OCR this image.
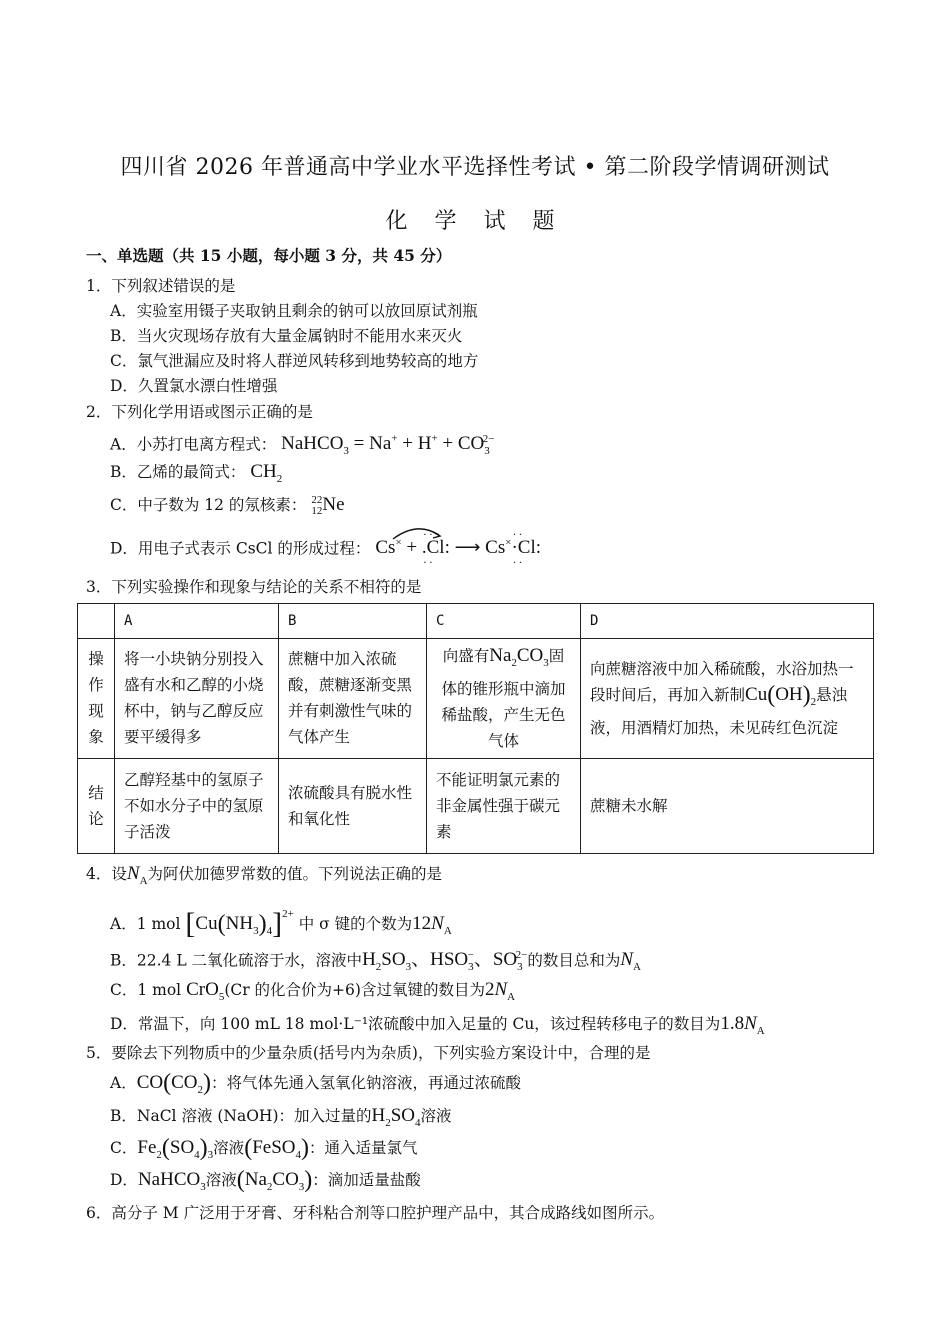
四川省 2026 年普通高中学业水平选择性考试 • 第二阶段学情调研测试
化 学 试 题
一、单选题（共 15 小题，每小题 3 分，共 45 分）
1．下列叙述错误的是
A．实验室用镊子夹取钠且剩余的钠可以放回原试剂瓶
B．当火灾现场存放有大量金属钠时不能用水来灭火
C．氯气泄漏应及时将人群逆风转移到地势较高的地方
D．久置氯水漂白性增强
2．下列化学用语或图示正确的是
A．小苏打电离方程式： NaHCO$_3$ = $Na^+ + H^+ + CO_3^{2-}$
B．乙烯的最简式： $CH_2$
C．中子数为 12 的氖核素： 22
12Ne
D．用电子式表示 CsCl 的形成过程：
Cs× + .Cl
··
··
: ⟶ Cs×·Cl
··
··
:
3．下列实验操作和现象与结论的关系不相符的是
	A	B	C	D
操
作
现
象	将一小块钠分别投入盛有水和乙醇的小烧杯中，钠与乙醇反应要平缓得多	蔗糖中加入浓硫酸，蔗糖逐渐变黑并有刺激性气味的气体产生	向盛有$Na_2CO_3$固体的锥形瓶中滴加稀盐酸，产生无色气体	向蔗糖溶液中加入稀硫酸，水浴加热一段时间后，再加入新制$Cu(OH)_2$悬浊液，用酒精灯加热，未见砖红色沉淀
结
论	乙醇羟基中的氢原子不如水分子中的氢原子活泼	浓硫酸具有脱水性和氧化性	不能证明氯元素的非金属性强于碳元素	蔗糖未水解
4．设$N_A$为阿伏加德罗常数的值。下列说法正确的是
A．1 mol $[Cu(NH_3)_4]^{2+}$ 中 σ 键的个数为$12N_A$
B．22.4 L 二氧化硫溶于水，溶液中$H_2SO_3$、$HSO_3^-$、$SO_3^{2-}$的数目总和为$N_A$
C．1 mol CrO$_5$(Cr 的化合价为+6)含过氧键的数目为$2N_A$
D．常温下，向 100 mL 18 mol·L⁻¹浓硫酸中加入足量的 Cu，该过程转移电子的数目为$1.8N_A$
5．要除去下列物质中的少量杂质(括号内为杂质)，下列实验方案设计中，合理的是
A．$CO(CO_2)$：将气体先通入氢氧化钠溶液，再通过浓硫酸
B．NaCl 溶液 (NaOH)：加入过量的$H_2SO_4$溶液
C．$Fe_2(SO_4)_3$溶液(FeSO$_4$)：通入适量氯气
D．NaHCO$_3$溶液$(Na_2CO_3)$：滴加适量盐酸
6．高分子 M 广泛用于牙膏、牙科粘合剂等口腔护理产品中，其合成路线如图所示。
